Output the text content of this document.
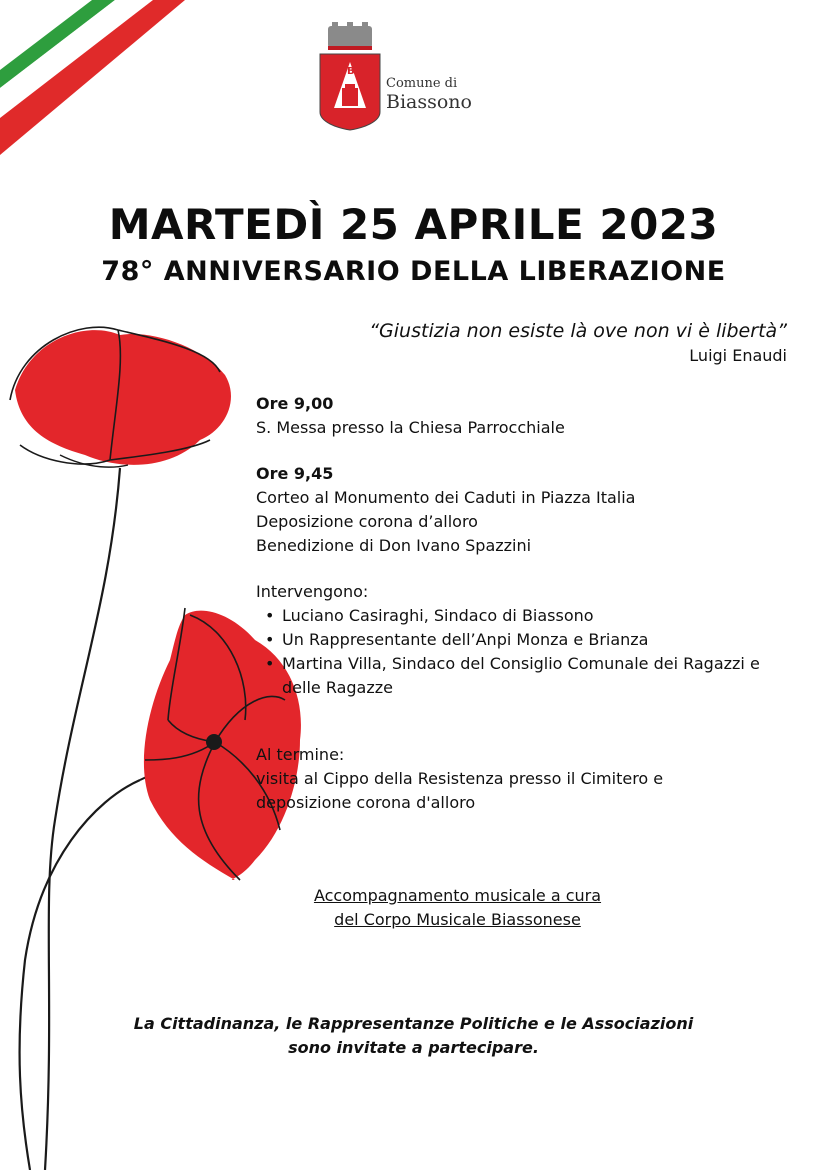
B
Comune di
Biassono
MARTEDÌ 25 APRILE 2023
78° ANNIVERSARIO DELLA LIBERAZIONE
“Giustizia non esiste là ove non vi è libertà”
Luigi Enaudi
Ore 9,00
S. Messa presso la Chiesa Parrocchiale
Ore 9,45
Corteo al Monumento dei Caduti in Piazza Italia
Deposizione corona d’alloro
Benedizione di Don Ivano Spazzini
Intervengono:
• Luciano Casiraghi, Sindaco di Biassono
• Un Rappresentante dell’Anpi Monza e Brianza
• Martina Villa, Sindaco del Consiglio Comunale dei Ragazzi e delle Ragazze
Al termine:
visita al Cippo della Resistenza presso il Cimitero e
deposizione corona d'alloro
Accompagnamento musicale a cura
del Corpo Musicale Biassonese
La Cittadinanza, le Rappresentanze Politiche e le Associazioni
sono invitate a partecipare.
